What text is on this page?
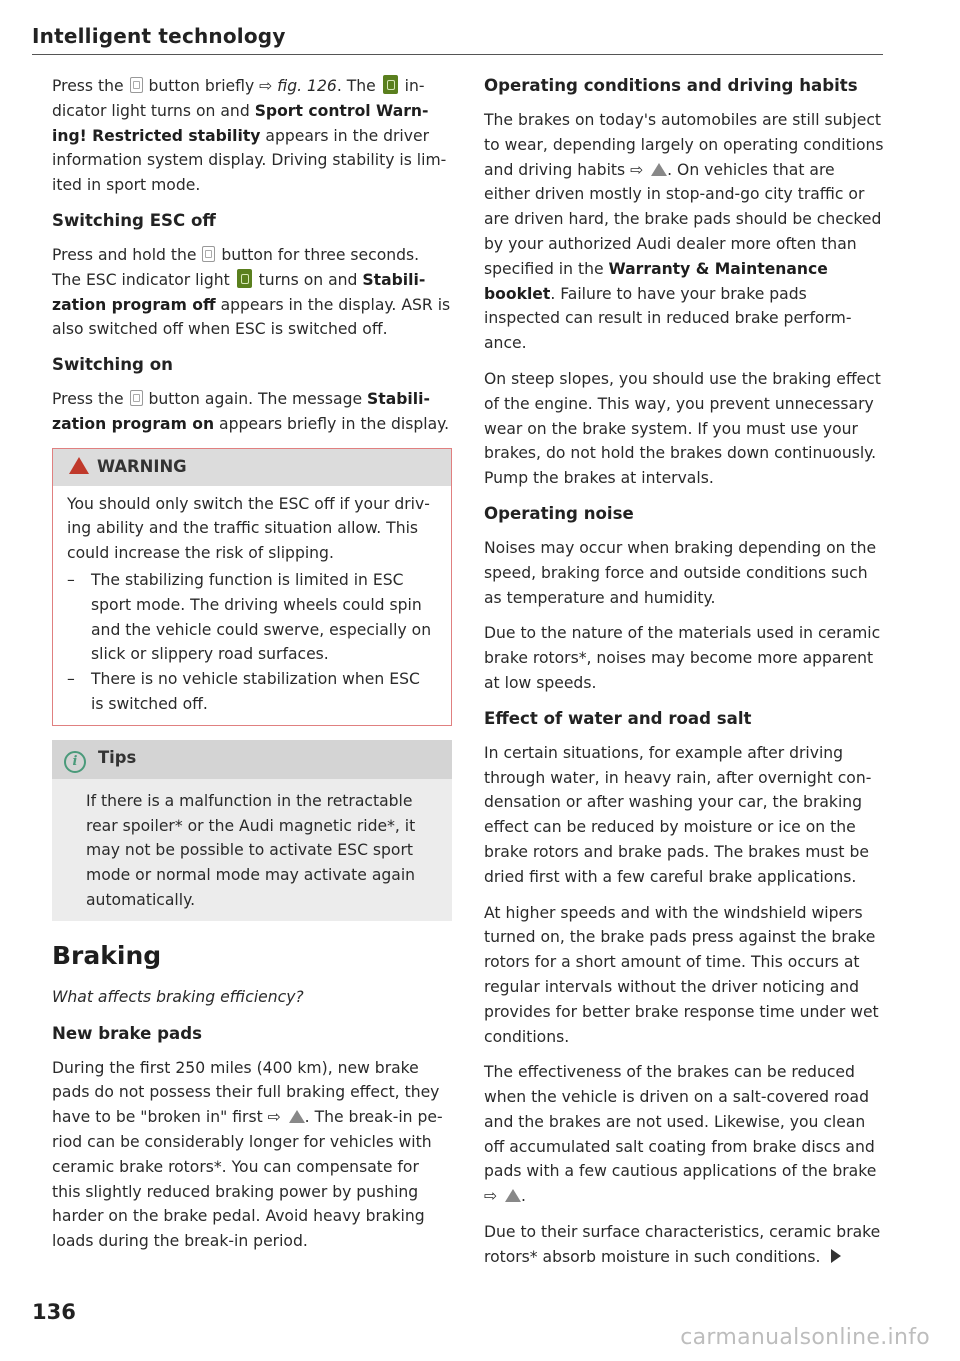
Intelligent technology

Press the  button briefly ⇨ fig. 126. The  indicator light turns on and Sport control Warning! Restricted stability appears in the driver information system display. Driving stability is limited in sport mode.

Switching ESC off

Press and hold the  button for three seconds. The ESC indicator light  turns on and Stabilization program off appears in the display. ASR is also switched off when ESC is switched off.

Switching on

Press the  button again. The message Stabilization program on appears briefly in the display.

WARNING

You should only switch the ESC off if your driving ability and the traffic situation allow. This could increase the risk of slipping.

– The stabilizing function is limited in ESC sport mode. The driving wheels could spin and the vehicle could swerve, especially on slick or slippery road surfaces.
– There is no vehicle stabilization when ESC is switched off.
i Tips
If there is a malfunction in the retractable rear spoiler* or the Audi magnetic ride*, it may not be possible to activate ESC sport mode or normal mode may activate again automatically.
Braking

What affects braking efficiency?

New brake pads

During the first 250 miles (400 km), new brake pads do not possess their full braking effect, they have to be "broken in" first ⇨ . The break-in period can be considerably longer for vehicles with ceramic brake rotors*. You can compensate for this slightly reduced braking power by pushing harder on the brake pedal. Avoid heavy braking loads during the break-in period.

Operating conditions and driving habits

The brakes on today's automobiles are still subject to wear, depending largely on operating conditions and driving habits ⇨ . On vehicles that are either driven mostly in stop-and-go city traffic or are driven hard, the brake pads should be checked by your authorized Audi dealer more often than specified in the Warranty & Maintenance booklet. Failure to have your brake pads inspected can result in reduced brake performance.

On steep slopes, you should use the braking effect of the engine. This way, you prevent unnecessary wear on the brake system. If you must use your brakes, do not hold the brakes down continuously. Pump the brakes at intervals.

Operating noise

Noises may occur when braking depending on the speed, braking force and outside conditions such as temperature and humidity.

Due to the nature of the materials used in ceramic brake rotors*, noises may become more apparent at low speeds.

Effect of water and road salt

In certain situations, for example after driving through water, in heavy rain, after overnight condensation or after washing your car, the braking effect can be reduced by moisture or ice on the brake rotors and brake pads. The brakes must be dried first with a few careful brake applications.

At higher speeds and with the windshield wipers turned on, the brake pads press against the brake rotors for a short amount of time. This occurs at regular intervals without the driver noticing and provides for better brake response time under wet conditions.

The effectiveness of the brakes can be reduced when the vehicle is driven on a salt-covered road and the brakes are not used. Likewise, you clean off accumulated salt coating from brake discs and pads with a few cautious applications of the brake ⇨ .

Due to their surface characteristics, ceramic brake rotors* absorb moisture in such conditions.

136
carmanualsonline.info
